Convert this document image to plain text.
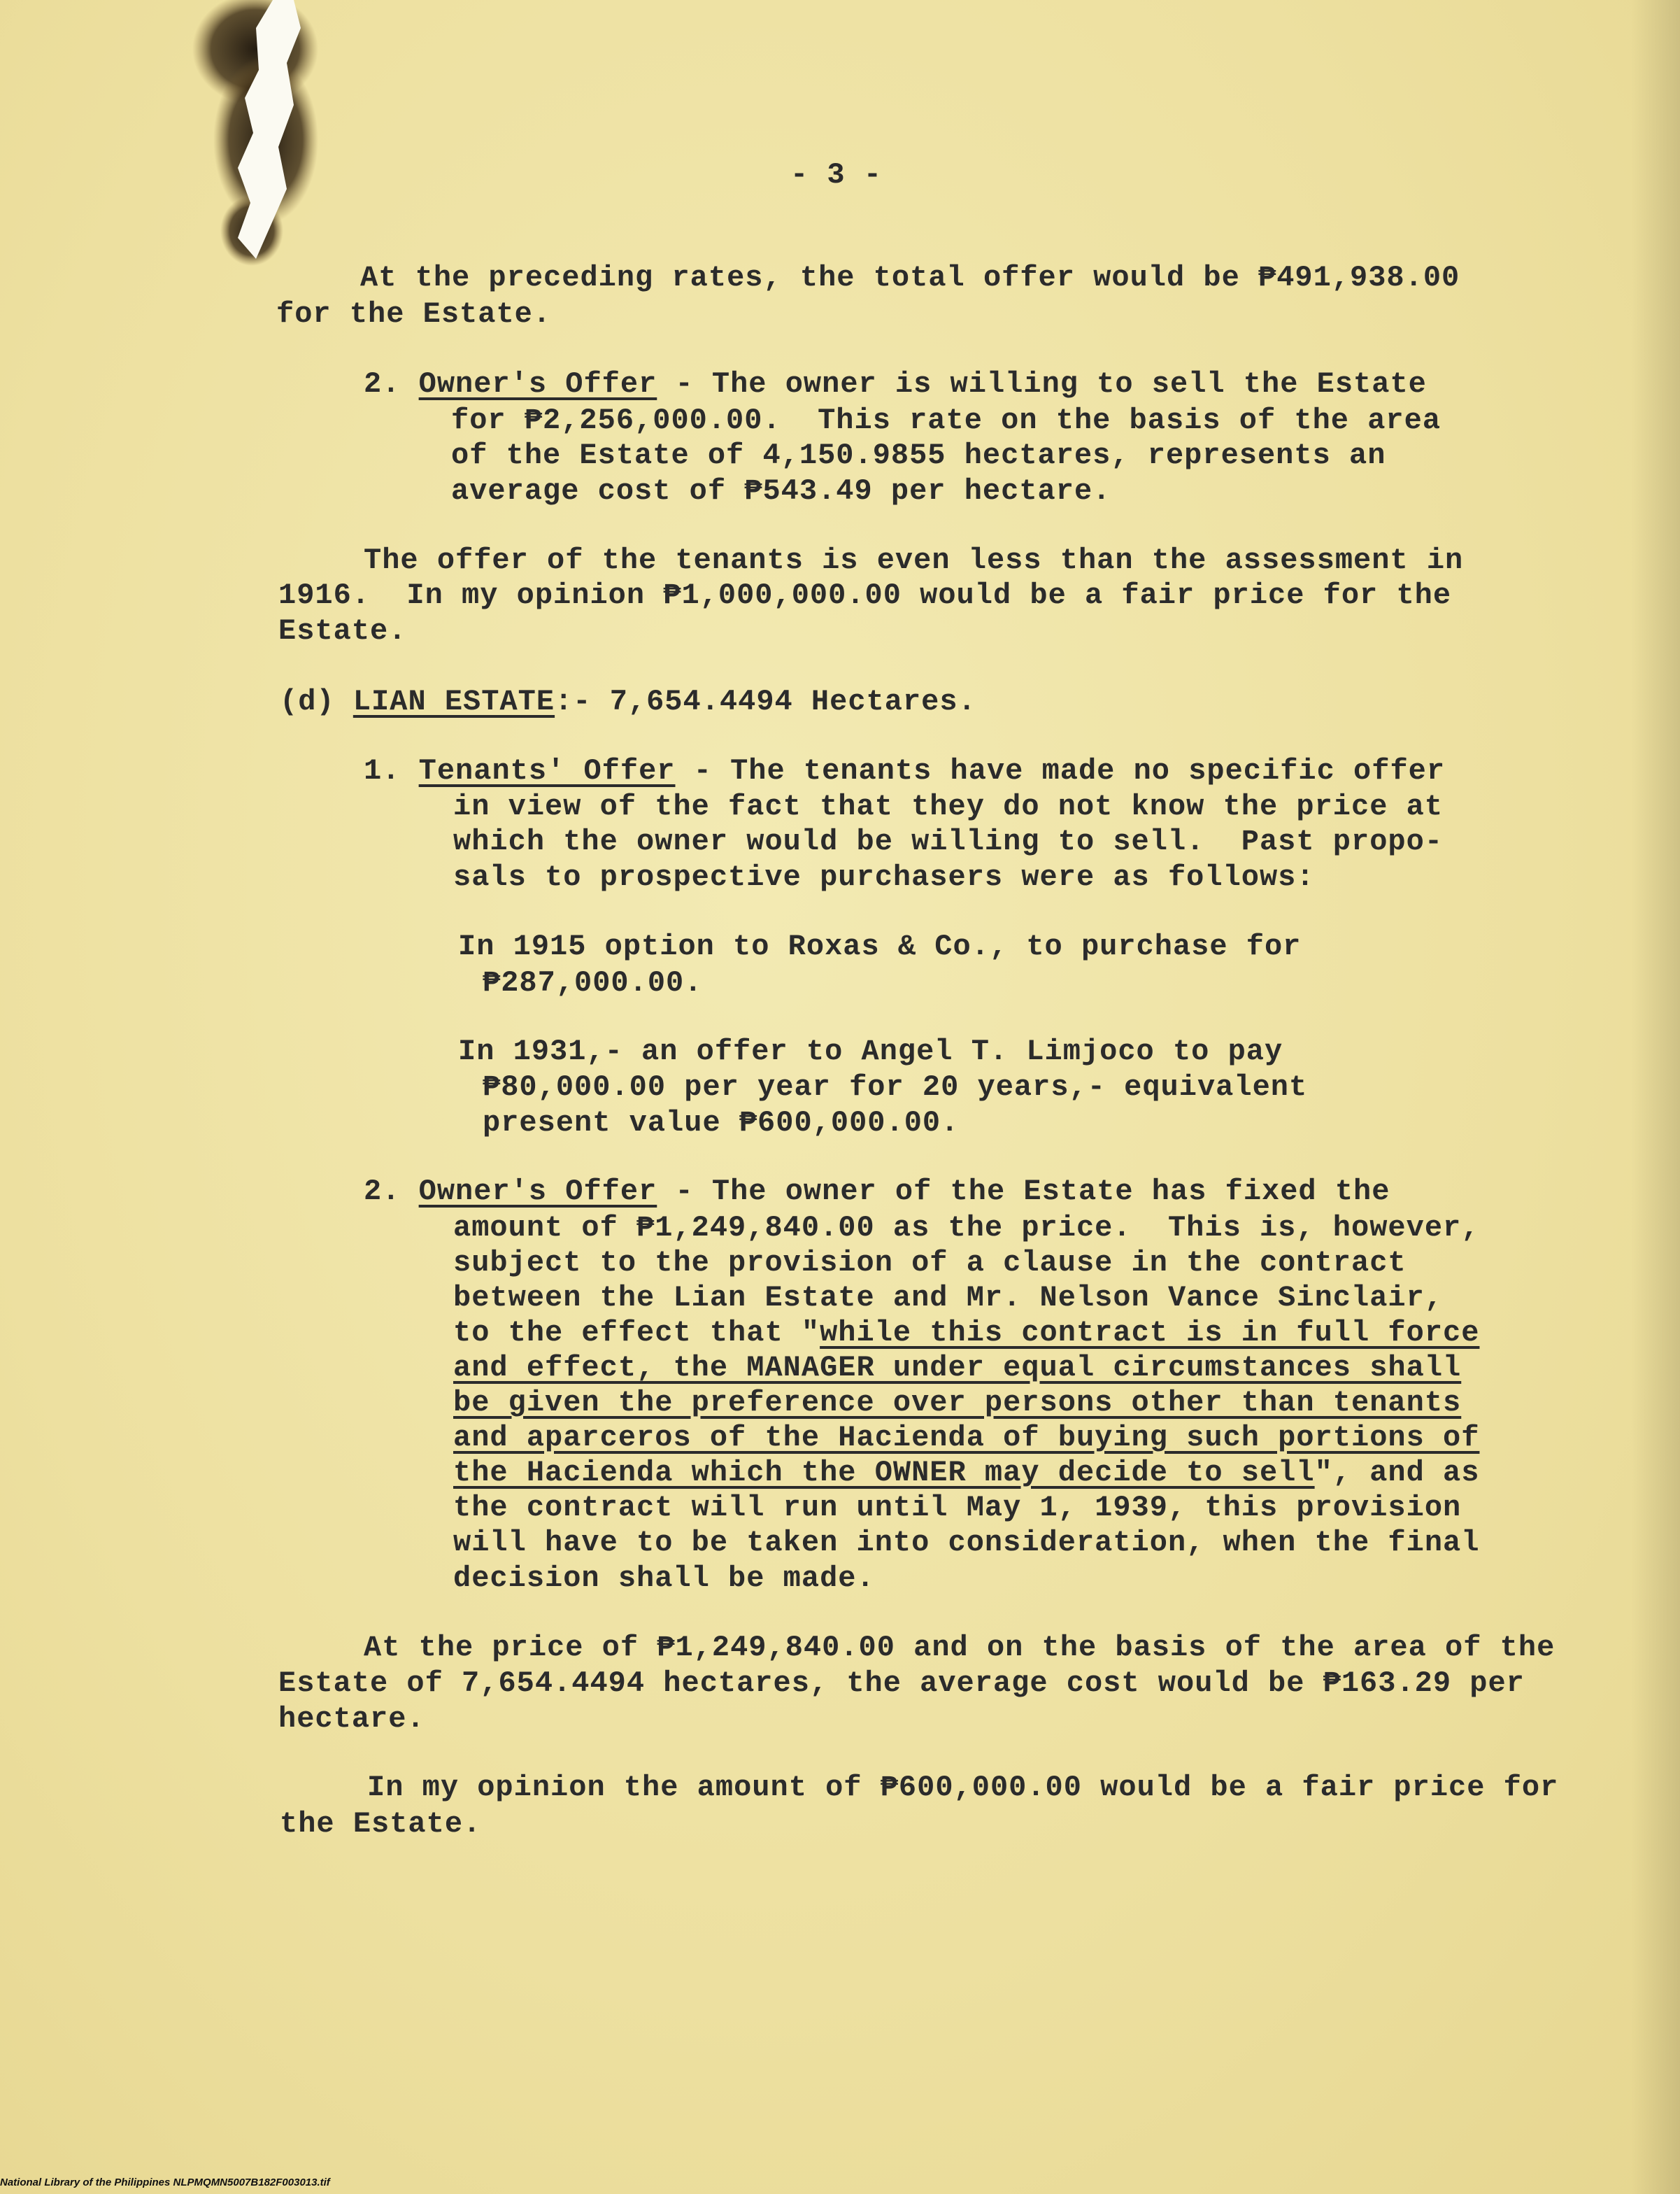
- 3 -
At the preceding rates, the total offer would be ₱491,938.00
for the Estate.
2. Owner's Offer - The owner is willing to sell the Estate
for ₱2,256,000.00.  This rate on the basis of the area
of the Estate of 4,150.9855 hectares, represents an
average cost of ₱543.49 per hectare.
The offer of the tenants is even less than the assessment in
1916.  In my opinion ₱1,000,000.00 would be a fair price for the
Estate.
(d) LIAN ESTATE:- 7,654.4494 Hectares.
1. Tenants' Offer - The tenants have made no specific offer
in view of the fact that they do not know the price at
which the owner would be willing to sell.  Past propo-
sals to prospective purchasers were as follows:
In 1915 option to Roxas & Co., to purchase for
₱287,000.00.
In 1931,- an offer to Angel T. Limjoco to pay
₱80,000.00 per year for 20 years,- equivalent
present value ₱600,000.00.
2. Owner's Offer - The owner of the Estate has fixed the
amount of ₱1,249,840.00 as the price.  This is, however,
subject to the provision of a clause in the contract
between the Lian Estate and Mr. Nelson Vance Sinclair,
to the effect that "while this contract is in full force
and effect, the MANAGER under equal circumstances shall
be given the preference over persons other than tenants
and aparceros of the Hacienda of buying such portions of
the Hacienda which the OWNER may decide to sell", and as
the contract will run until May 1, 1939, this provision
will have to be taken into consideration, when the final
decision shall be made.
At the price of ₱1,249,840.00 and on the basis of the area of the
Estate of 7,654.4494 hectares, the average cost would be ₱163.29 per
hectare.
In my opinion the amount of ₱600,000.00 would be a fair price for
the Estate.
National Library of the Philippines NLPMQMN5007B182F003013.tif
